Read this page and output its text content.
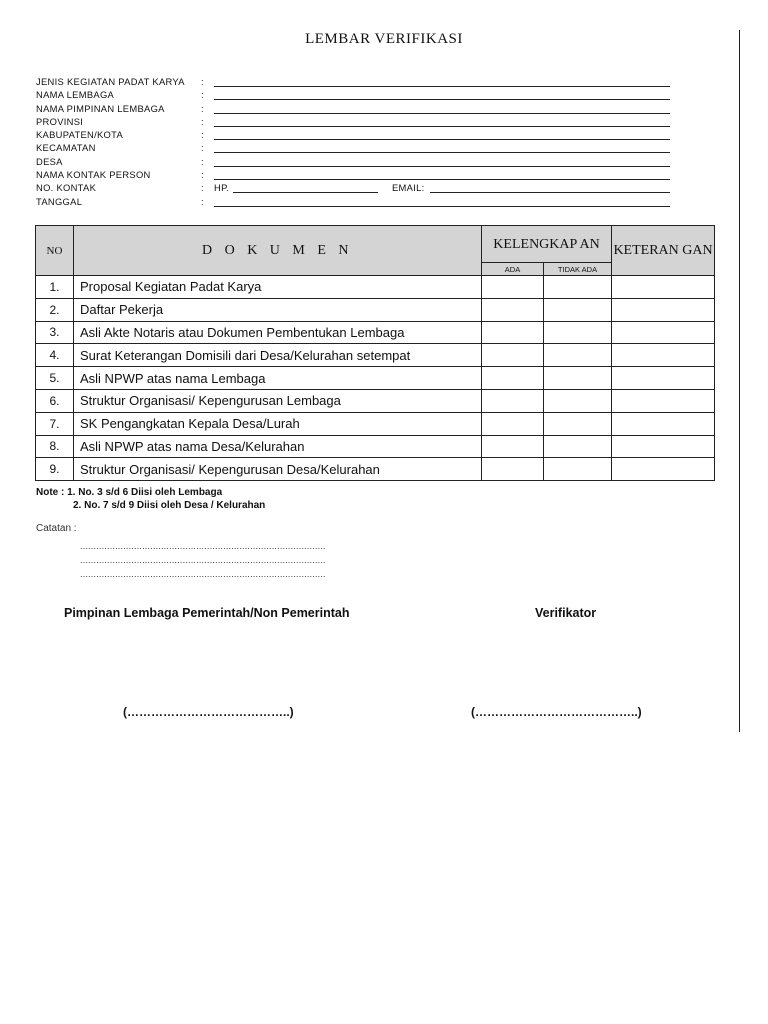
LEMBAR VERIFIKASI
JENIS KEGIATAN PADAT KARYA :
NAMA LEMBAGA	:
NAMA PIMPINAN LEMBAGA	:
PROVINSI	:
KABUPATEN/KOTA	:
KECAMATAN	:
DESA	:
NAMA KONTAK PERSON	:
NO. KONTAK	: HP.	EMAIL:
TANGGAL	:
NO	D O K U M E N	KELENGKAP AN		KETERAN GAN
		ADA	TIDAK ADA	
1.	Proposal Kegiatan Padat Karya			
2.	Daftar Pekerja			
3.	Asli Akte Notaris atau Dokumen Pembentukan Lembaga			
4.	Surat Keterangan Domisili dari Desa/Kelurahan setempat			
5.	Asli NPWP atas nama Lembaga			
6.	Struktur Organisasi/ Kepengurusan Lembaga			
7.	SK Pengangkatan Kepala Desa/Lurah			
8.	Asli NPWP atas nama Desa/Kelurahan			
9.	Struktur Organisasi/ Kepengurusan Desa/Kelurahan			
Note : 1. No. 3 s/d 6 Diisi oleh Lembaga
2. No. 7 s/d 9 Diisi oleh Desa / Kelurahan
Catatan :
...........................................................................................
...........................................................................................
...........................................................................................
Pimpinan Lembaga Pemerintah/Non Pemerintah	Verifikator
(…………………………………..)	(…………………………………..)
